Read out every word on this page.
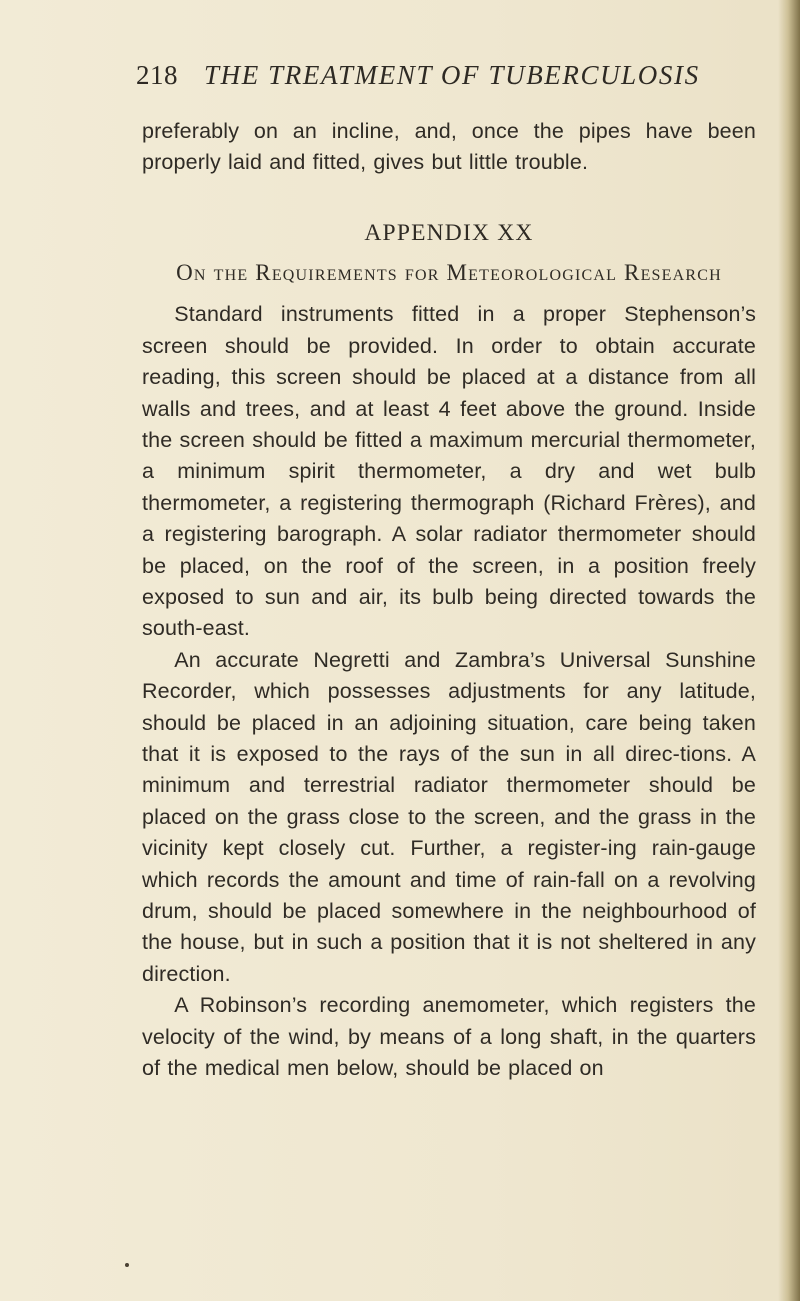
218 THE TREATMENT OF TUBERCULOSIS

preferably on an incline, and, once the pipes have been properly laid and fitted, gives but little trouble.

APPENDIX XX
On the Requirements for Meteorological Research

Standard instruments fitted in a proper Stephenson’s screen should be provided. In order to obtain accurate reading, this screen should be placed at a distance from all walls and trees, and at least 4 feet above the ground. Inside the screen should be fitted a maximum mercurial thermometer, a minimum spirit thermometer, a dry and wet bulb thermometer, a registering thermograph (Richard Frères), and a registering barograph. A solar radiator thermometer should be placed, on the roof of the screen, in a position freely exposed to sun and air, its bulb being directed towards the south-east.

An accurate Negretti and Zambra’s Universal Sunshine Recorder, which possesses adjustments for any latitude, should be placed in an adjoining situation, care being taken that it is exposed to the rays of the sun in all direc-tions. A minimum and terrestrial radiator thermometer should be placed on the grass close to the screen, and the grass in the vicinity kept closely cut. Further, a register-ing rain-gauge which records the amount and time of rain-fall on a revolving drum, should be placed somewhere in the neighbourhood of the house, but in such a position that it is not sheltered in any direction.

A Robinson’s recording anemometer, which registers the velocity of the wind, by means of a long shaft, in the quarters of the medical men below, should be placed on
